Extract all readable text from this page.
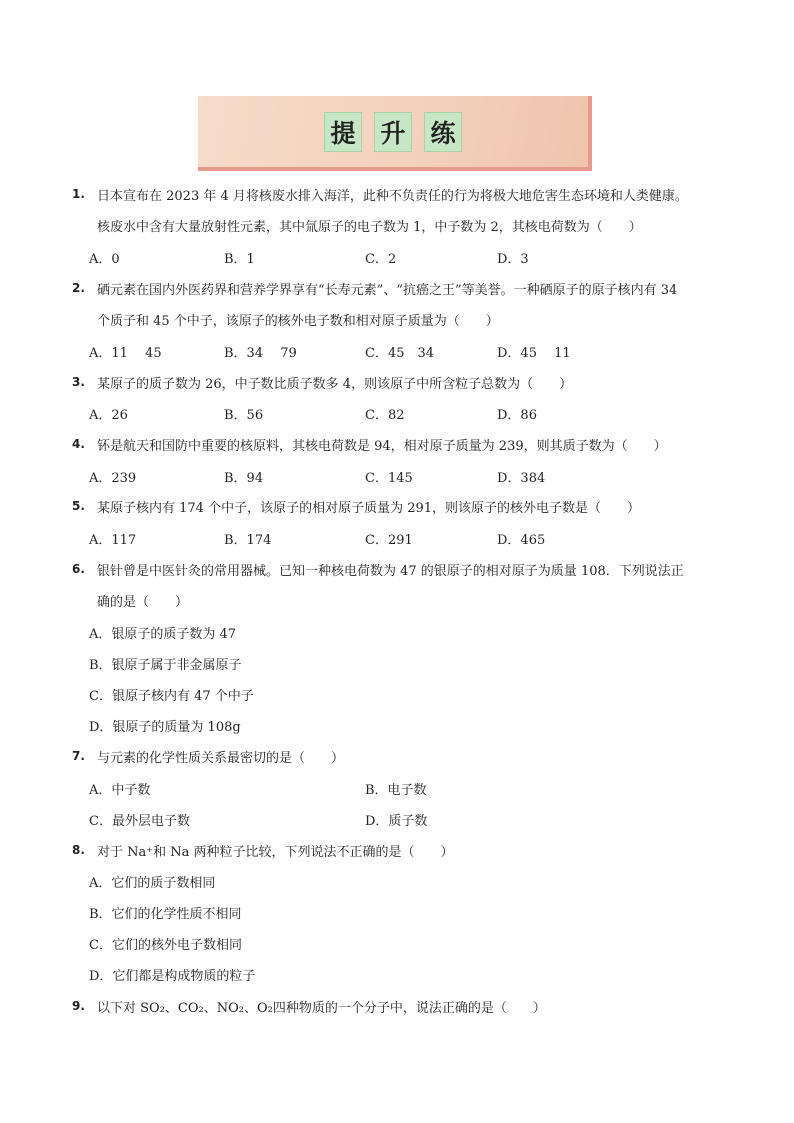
提 升 练
1. 日本宣布在 2023 年 4 月将核废水排入海洋，此种不负责任的行为将极大地危害生态环境和人类健康。
核废水中含有大量放射性元素，其中氚原子的电子数为 1，中子数为 2，其核电荷数为（　　）
A．0	B．1	C．2	D．3
2. 硒元素在国内外医药界和营养学界享有“长寿元素”、“抗癌之王”等美誉。一种硒原子的原子核内有 34
个质子和 45 个中子，该原子的核外电子数和相对原子质量为（　　）
A．11　 45	B．34　 79	C．45　34	D．45　 11
3. 某原子的质子数为 26，中子数比质子数多 4，则该原子中所含粒子总数为（　　）
A．26	B．56	C．82	D．86
4. 钚是航天和国防中重要的核原料，其核电荷数是 94，相对原子质量为 239，则其质子数为（　　）
A．239	B．94	C．145	D．384
5. 某原子核内有 174 个中子，该原子的相对原子质量为 291，则该原子的核外电子数是（　　）
A．117	B．174	C．291	D．465
6. 银针曾是中医针灸的常用器械。已知一种核电荷数为 47 的银原子的相对原子为质量 108．下列说法正
确的是（　　）
A．银原子的质子数为 47
B．银原子属于非金属原子
C．银原子核内有 47 个中子
D．银原子的质量为 108g
7. 与元素的化学性质关系最密切的是（　　）
A．中子数	B．电子数
C．最外层电子数	D．质子数
8. 对于 Na⁺和 Na 两种粒子比较，下列说法不正确的是（　　）
A．它们的质子数相同
B．它们的化学性质不相同
C．它们的核外电子数相同
D．它们都是构成物质的粒子
9. 以下对 SO₂、CO₂、NO₂、O₂四种物质的一个分子中，说法正确的是（　　）
